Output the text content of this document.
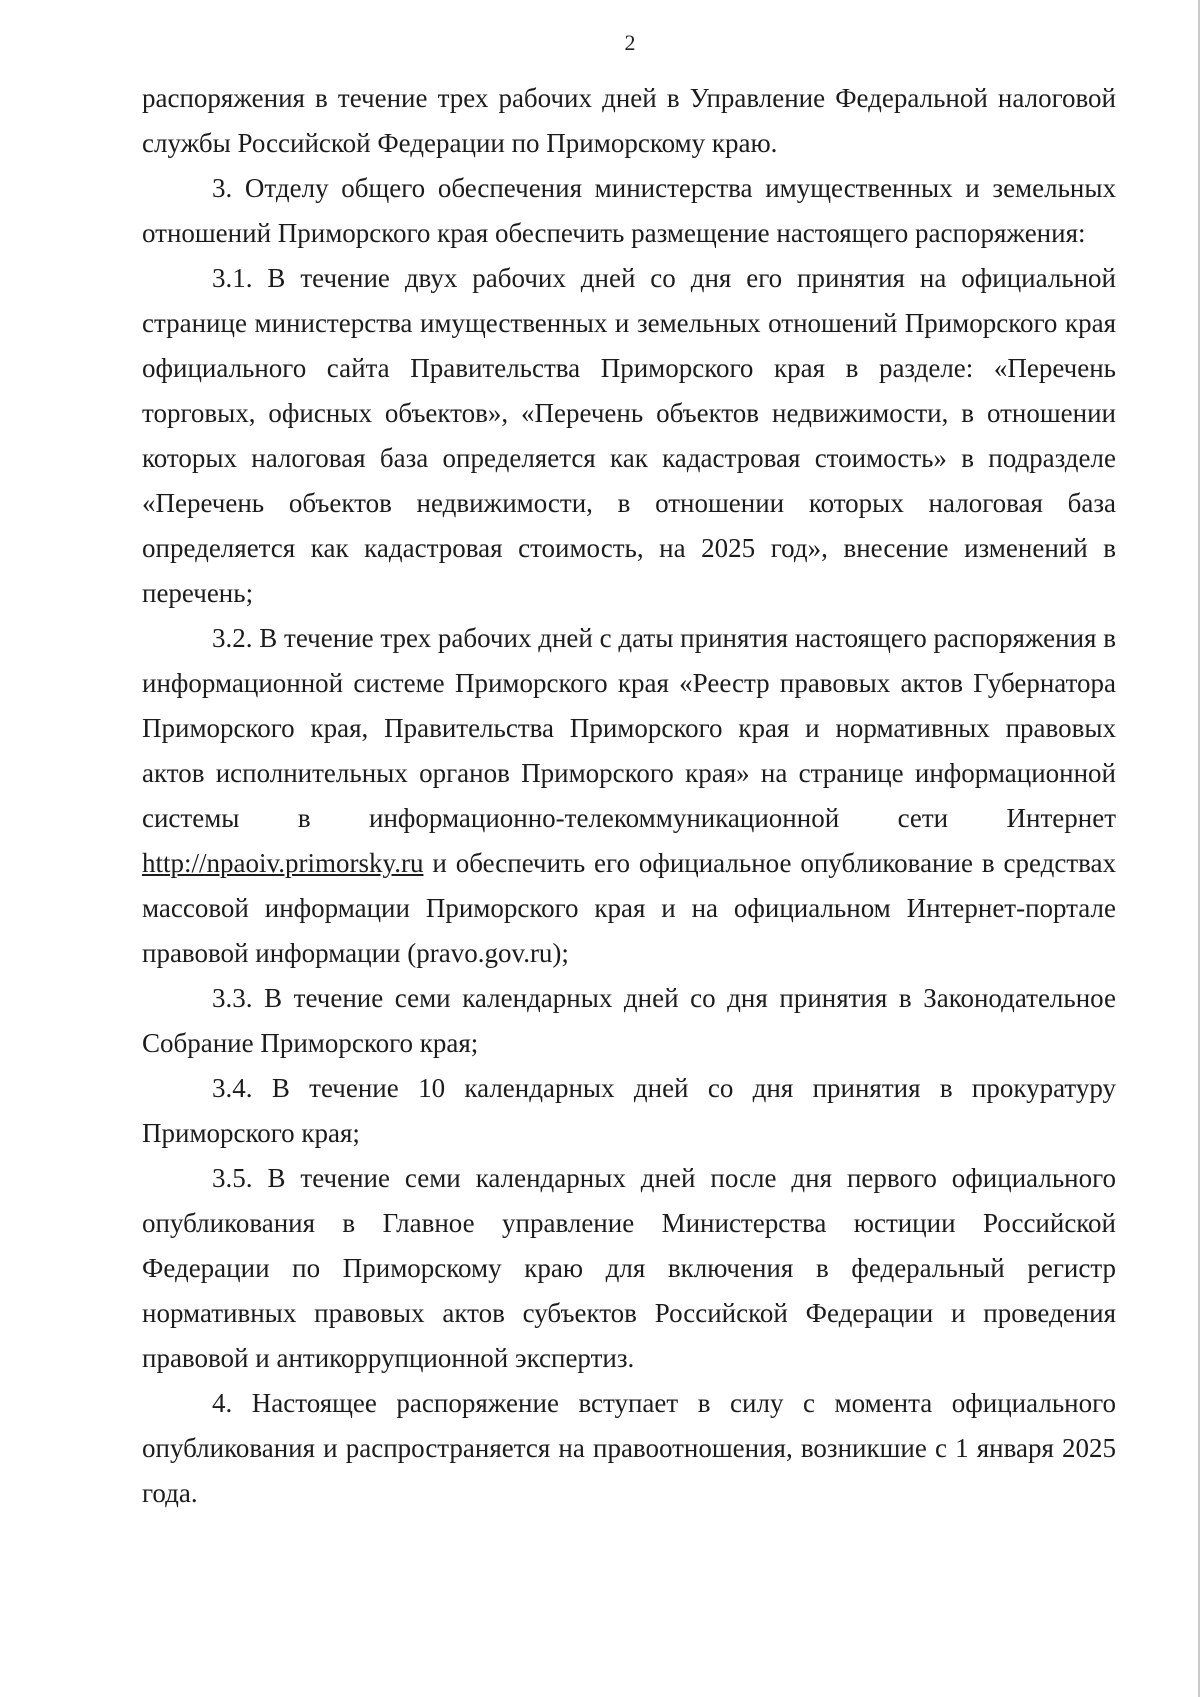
2

распоряжения в течение трех рабочих дней в Управление Федеральной налоговой службы Российской Федерации по Приморскому краю.

3. Отделу общего обеспечения министерства имущественных и земельных отношений Приморского края обеспечить размещение настоящего распоряжения:

3.1. В течение двух рабочих дней со дня его принятия на официальной странице министерства имущественных и земельных отношений Приморского края официального сайта Правительства Приморского края в разделе: «Перечень торговых, офисных объектов», «Перечень объектов недвижимости, в отношении которых налоговая база определяется как кадастровая стоимость» в подразделе «Перечень объектов недвижимости, в отношении которых налоговая база определяется как кадастровая стоимость, на 2025 год», внесение изменений в перечень;

3.2. В течение трех рабочих дней с даты принятия настоящего распоряжения в информационной системе Приморского края «Реестр правовых актов Губернатора Приморского края, Правительства Приморского края и нормативных правовых актов исполнительных органов Приморского края» на странице информационной системы в информационно-телекоммуникационной сети Интернет http://npaoiv.primorsky.ru и обеспечить его официальное опубликование в средствах массовой информации Приморского края и на официальном Интернет-портале правовой информации (pravo.gov.ru);

3.3. В течение семи календарных дней со дня принятия в Законодательное Собрание Приморского края;

3.4. В течение 10 календарных дней со дня принятия в прокуратуру Приморского края;

3.5. В течение семи календарных дней после дня первого официального опубликования в Главное управление Министерства юстиции Российской Федерации по Приморскому краю для включения в федеральный регистр нормативных правовых актов субъектов Российской Федерации и проведения правовой и антикоррупционной экспертиз.

4. Настоящее распоряжение вступает в силу с момента официального опубликования и распространяется на правоотношения, возникшие с 1 января 2025 года.
